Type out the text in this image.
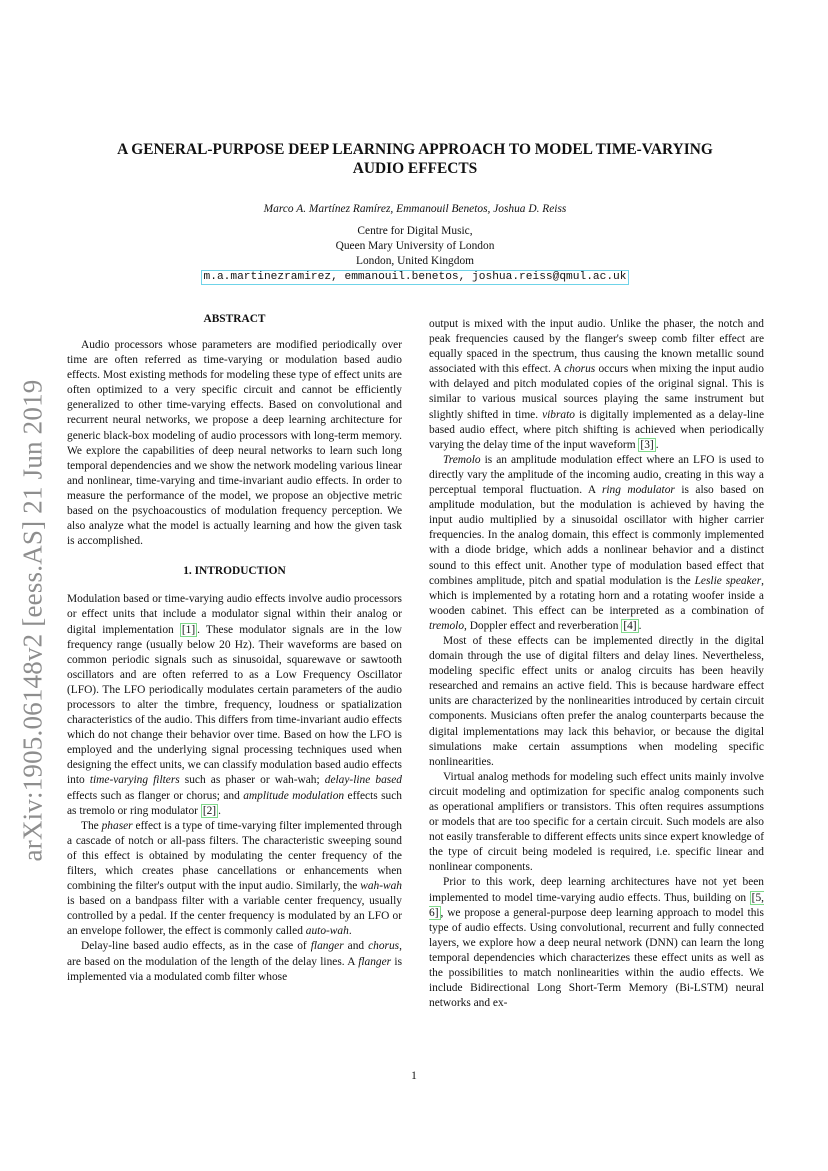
arXiv:1905.06148v2 [eess.AS] 21 Jun 2019
A GENERAL-PURPOSE DEEP LEARNING APPROACH TO MODEL TIME-VARYING
AUDIO EFFECTS
Marco A. Martínez Ramírez, Emmanouil Benetos, Joshua D. Reiss
Centre for Digital Music,
Queen Mary University of London
London, United Kingdom
m.a.martinezramirez, emmanouil.benetos, joshua.reiss@qmul.ac.uk
ABSTRACT

Audio processors whose parameters are modified periodically over time are often referred as time-varying or modulation based audio effects. Most existing methods for modeling these type of effect units are often optimized to a very specific circuit and cannot be efficiently generalized to other time-varying effects. Based on convolutional and recurrent neural networks, we propose a deep learning architecture for generic black-box modeling of audio processors with long-term memory. We explore the capabilities of deep neural networks to learn such long temporal dependencies and we show the network modeling various linear and nonlinear, time-varying and time-invariant audio effects. In order to measure the performance of the model, we propose an objective metric based on the psychoacoustics of modulation frequency perception. We also analyze what the model is actually learning and how the given task is accomplished.

1. INTRODUCTION

Modulation based or time-varying audio effects involve audio processors or effect units that include a modulator signal within their analog or digital implementation [1] . These modulator signals are in the low frequency range (usually below 20 Hz). Their waveforms are based on common periodic signals such as sinusoidal, squarewave or sawtooth oscillators and are often referred to as a Low Frequency Oscillator (LFO). The LFO periodically modulates certain parameters of the audio processors to alter the timbre, frequency, loudness or spatialization characteristics of the audio. This differs from time-invariant audio effects which do not change their behavior over time. Based on how the LFO is employed and the underlying signal processing techniques used when designing the effect units, we can classify modulation based audio effects into time-varying filters such as phaser or wah-wah; delay-line based effects such as flanger or chorus; and amplitude modulation effects such as tremolo or ring modulator [2] .

The phaser effect is a type of time-varying filter implemented through a cascade of notch or all-pass filters. The characteristic sweeping sound of this effect is obtained by modulating the center frequency of the filters, which creates phase cancellations or enhancements when combining the filter's output with the input audio. Similarly, the wah-wah is based on a bandpass filter with a variable center frequency, usually controlled by a pedal. If the center frequency is modulated by an LFO or an envelope follower, the effect is commonly called auto-wah.

Delay-line based audio effects, as in the case of flanger and chorus, are based on the modulation of the length of the delay lines. A flanger is implemented via a modulated comb filter whose

output is mixed with the input audio. Unlike the phaser, the notch and peak frequencies caused by the flanger's sweep comb filter effect are equally spaced in the spectrum, thus causing the known metallic sound associated with this effect. A chorus occurs when mixing the input audio with delayed and pitch modulated copies of the original signal. This is similar to various musical sources playing the same instrument but slightly shifted in time. vibrato is digitally implemented as a delay-line based audio effect, where pitch shifting is achieved when periodically varying the delay time of the input waveform [3] .

Tremolo is an amplitude modulation effect where an LFO is used to directly vary the amplitude of the incoming audio, creating in this way a perceptual temporal fluctuation. A ring modulator is also based on amplitude modulation, but the modulation is achieved by having the input audio multiplied by a sinusoidal oscillator with higher carrier frequencies. In the analog domain, this effect is commonly implemented with a diode bridge, which adds a nonlinear behavior and a distinct sound to this effect unit. Another type of modulation based effect that combines amplitude, pitch and spatial modulation is the Leslie speaker, which is implemented by a rotating horn and a rotating woofer inside a wooden cabinet. This effect can be interpreted as a combination of tremolo, Doppler effect and reverberation [4] .

Most of these effects can be implemented directly in the digital domain through the use of digital filters and delay lines. Nevertheless, modeling specific effect units or analog circuits has been heavily researched and remains an active field. This is because hardware effect units are characterized by the nonlinearities introduced by certain circuit components. Musicians often prefer the analog counterparts because the digital implementations may lack this behavior, or because the digital simulations make certain assumptions when modeling specific nonlinearities.

Virtual analog methods for modeling such effect units mainly involve circuit modeling and optimization for specific analog components such as operational amplifiers or transistors. This often requires assumptions or models that are too specific for a certain circuit. Such models are also not easily transferable to different effects units since expert knowledge of the type of circuit being modeled is required, i.e. specific linear and nonlinear components.

Prior to this work, deep learning architectures have not yet been implemented to model time-varying audio effects. Thus, building on [5, 6] , we propose a general-purpose deep learning approach to model this type of audio effects. Using convolutional, recurrent and fully connected layers, we explore how a deep neural network (DNN) can learn the long temporal dependencies which characterizes these effect units as well as the possibilities to match nonlinearities within the audio effects. We include Bidirectional Long Short-Term Memory (Bi-LSTM) neural networks and ex-

1
